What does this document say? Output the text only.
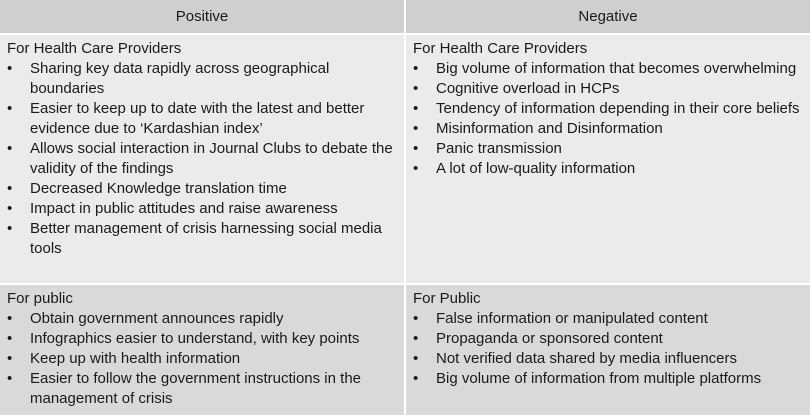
Positive	Negative

For Health Care Providers

• Sharing key data rapidly across geographical boundaries
• Easier to keep up to date with the latest and better evidence due to ‘Kardashian index’
• Allows social interaction in Journal Clubs to debate the validity of the findings
• Decreased Knowledge translation time
• Impact in public attitudes and raise awareness
• Better management of crisis harnessing social media tools

For Health Care Providers

• Big volume of information that becomes overwhelming
• Cognitive overload in HCPs
• Tendency of information depending in their core beliefs
• Misinformation and Disinformation
• Panic transmission
• A lot of low-quality information

For public

• Obtain government announces rapidly
• Infographics easier to understand, with key points
• Keep up with health information
• Easier to follow the government instructions in the management of crisis

For Public

• False information or manipulated content
• Propaganda or sponsored content
• Not verified data shared by media influencers
• Big volume of information from multiple platforms
